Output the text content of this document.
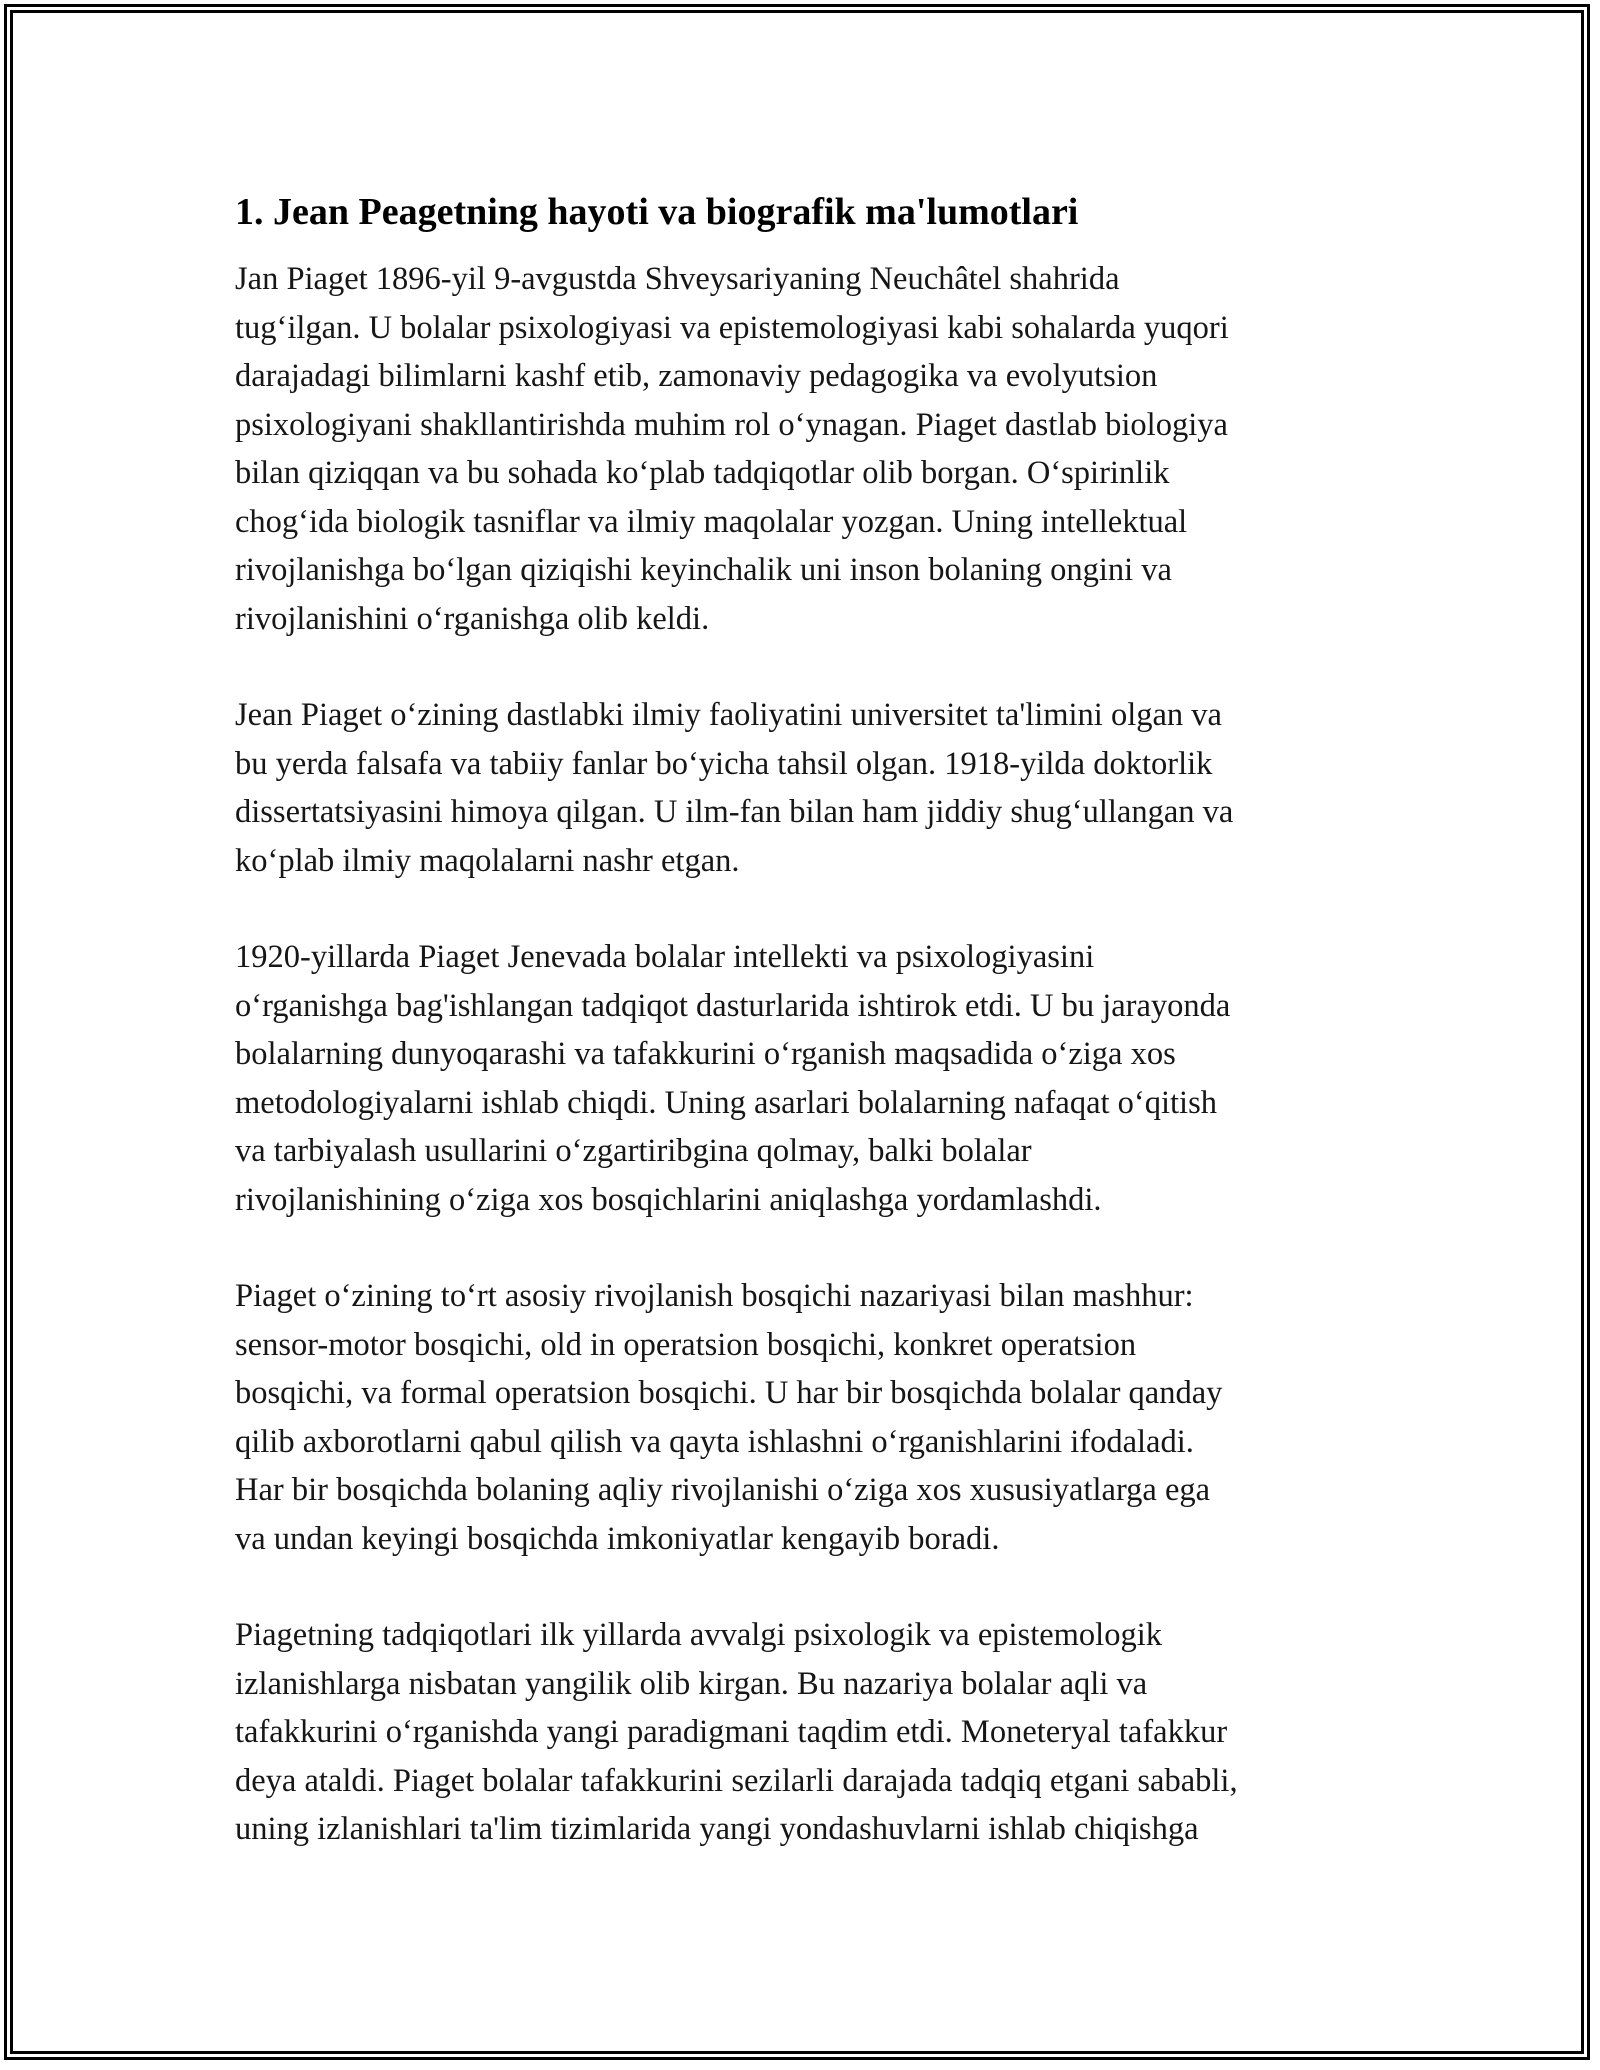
1. Jean Peagetning hayoti va biografik ma'lumotlari

Jan Piaget 1896-yil 9-avgustda Shveysariyaning Neuchâtel shahrida
tug‘ilgan. U bolalar psixologiyasi va epistemologiyasi kabi sohalarda yuqori
darajadagi bilimlarni kashf etib, zamonaviy pedagogika va evolyutsion
psixologiyani shakllantirishda muhim rol o‘ynagan. Piaget dastlab biologiya
bilan qiziqqan va bu sohada ko‘plab tadqiqotlar olib borgan. O‘spirinlik
chog‘ida biologik tasniflar va ilmiy maqolalar yozgan. Uning intellektual
rivojlanishga bo‘lgan qiziqishi keyinchalik uni inson bolaning ongini va
rivojlanishini o‘rganishga olib keldi.

Jean Piaget o‘zining dastlabki ilmiy faoliyatini universitet ta'limini olgan va
bu yerda falsafa va tabiiy fanlar bo‘yicha tahsil olgan. 1918-yilda doktorlik
dissertatsiyasini himoya qilgan. U ilm-fan bilan ham jiddiy shug‘ullangan va
ko‘plab ilmiy maqolalarni nashr etgan.

1920-yillarda Piaget Jenevada bolalar intellekti va psixologiyasini
o‘rganishga bag'ishlangan tadqiqot dasturlarida ishtirok etdi. U bu jarayonda
bolalarning dunyoqarashi va tafakkurini o‘rganish maqsadida o‘ziga xos
metodologiyalarni ishlab chiqdi. Uning asarlari bolalarning nafaqat o‘qitish
va tarbiyalash usullarini o‘zgartiribgina qolmay, balki bolalar
rivojlanishining o‘ziga xos bosqichlarini aniqlashga yordamlashdi.

Piaget o‘zining to‘rt asosiy rivojlanish bosqichi nazariyasi bilan mashhur:
sensor-motor bosqichi, old in operatsion bosqichi, konkret operatsion
bosqichi, va formal operatsion bosqichi. U har bir bosqichda bolalar qanday
qilib axborotlarni qabul qilish va qayta ishlashni o‘rganishlarini ifodaladi.
Har bir bosqichda bolaning aqliy rivojlanishi o‘ziga xos xususiyatlarga ega
va undan keyingi bosqichda imkoniyatlar kengayib boradi.

Piagetning tadqiqotlari ilk yillarda avvalgi psixologik va epistemologik
izlanishlarga nisbatan yangilik olib kirgan. Bu nazariya bolalar aqli va
tafakkurini o‘rganishda yangi paradigmani taqdim etdi. Moneteryal tafakkur
deya ataldi. Piaget bolalar tafakkurini sezilarli darajada tadqiq etgani sababli,
uning izlanishlari ta'lim tizimlarida yangi yondashuvlarni ishlab chiqishga
